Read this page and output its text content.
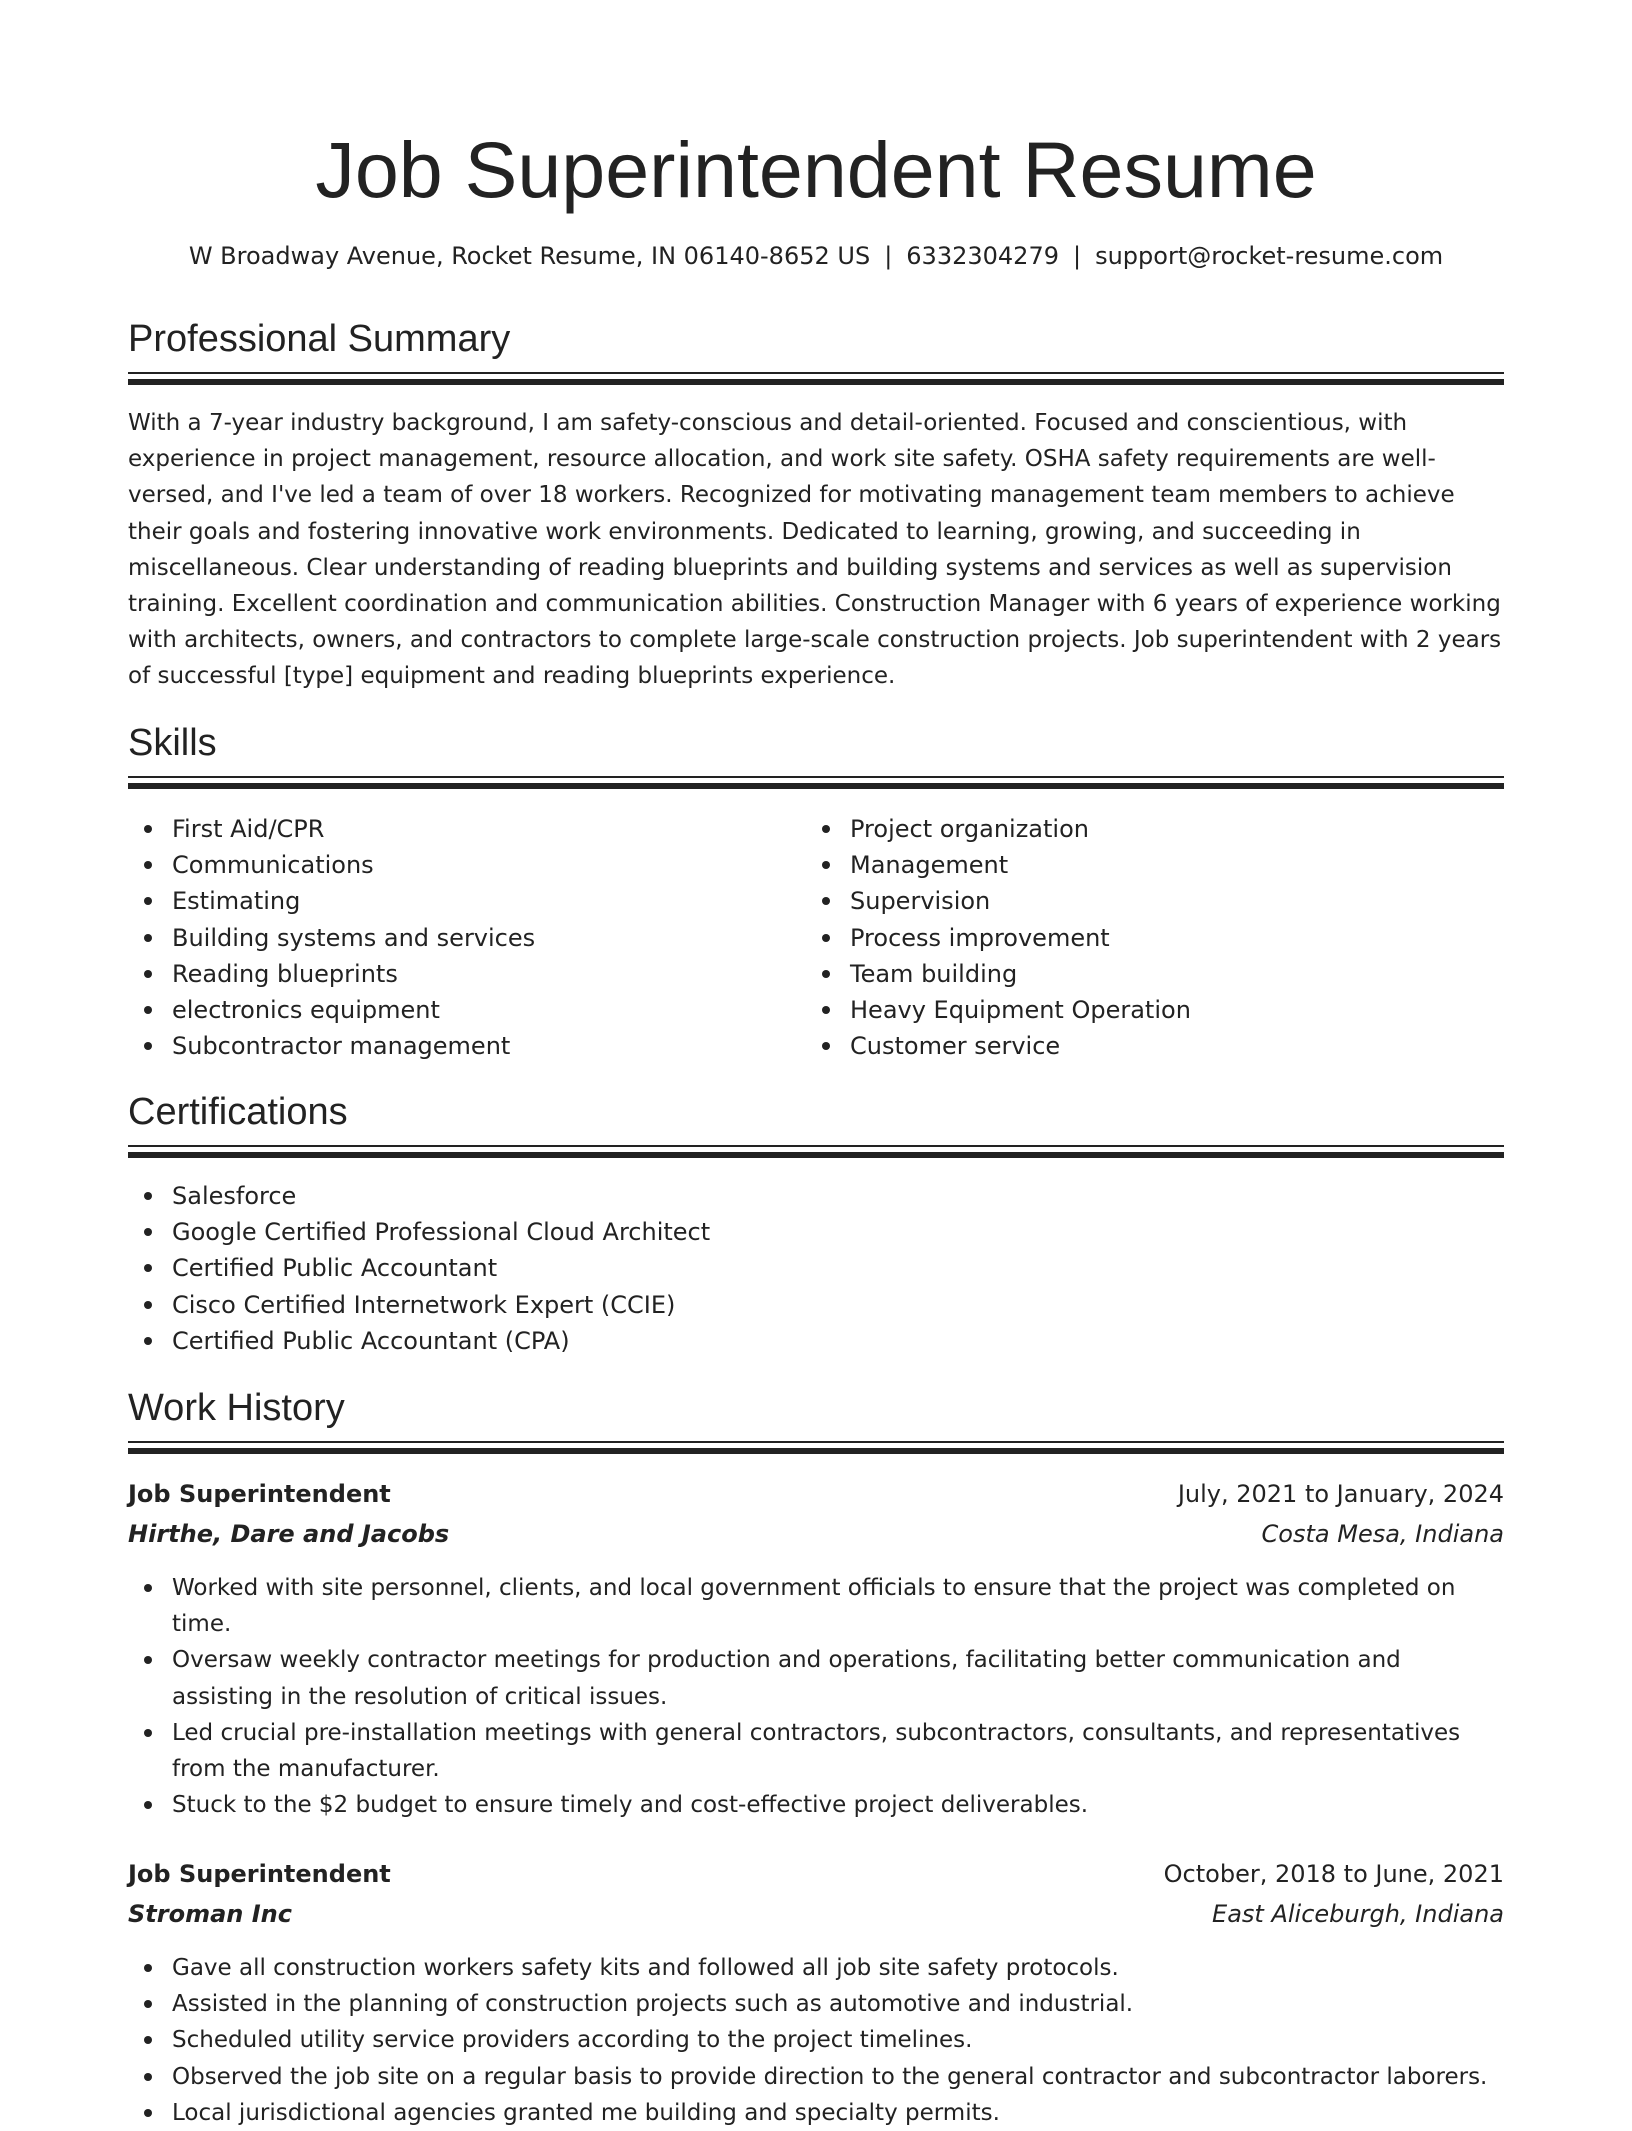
Job Superintendent Resume
W Broadway Avenue, Rocket Resume, IN 06140-8652 US | 6332304279 | support@rocket-resume.com
Professional Summary

With a 7-year industry background, I am safety-conscious and detail-oriented. Focused and conscientious, with experience in project management, resource allocation, and work site safety. OSHA safety requirements are well-versed, and I've led a team of over 18 workers. Recognized for motivating management team members to achieve their goals and fostering innovative work environments. Dedicated to learning, growing, and succeeding in miscellaneous. Clear understanding of reading blueprints and building systems and services as well as supervision training. Excellent coordination and communication abilities. Construction Manager with 6 years of experience working with architects, owners, and contractors to complete large-scale construction projects. Job superintendent with 2 years of successful [type] equipment and reading blueprints experience.

Skills
First Aid/CPR
Communications
Estimating
Building systems and services
Reading blueprints
electronics equipment
Subcontractor management
Project organization
Management
Supervision
Process improvement
Team building
Heavy Equipment Operation
Customer service
Certifications
Salesforce
Google Certified Professional Cloud Architect
Certified Public Accountant
Cisco Certified Internetwork Expert (CCIE)
Certified Public Accountant (CPA)
Work History
Job Superintendent	July, 2021 to January, 2024
Hirthe, Dare and Jacobs	Costa Mesa, Indiana
Worked with site personnel, clients, and local government officials to ensure that the project was completed on time.
Oversaw weekly contractor meetings for production and operations, facilitating better communication and assisting in the resolution of critical issues.
Led crucial pre-installation meetings with general contractors, subcontractors, consultants, and representatives from the manufacturer.
Stuck to the $2 budget to ensure timely and cost-effective project deliverables.
Job Superintendent	October, 2018 to June, 2021
Stroman Inc	East Aliceburgh, Indiana
Gave all construction workers safety kits and followed all job site safety protocols.
Assisted in the planning of construction projects such as automotive and industrial.
Scheduled utility service providers according to the project timelines.
Observed the job site on a regular basis to provide direction to the general contractor and subcontractor laborers.
Local jurisdictional agencies granted me building and specialty permits.
